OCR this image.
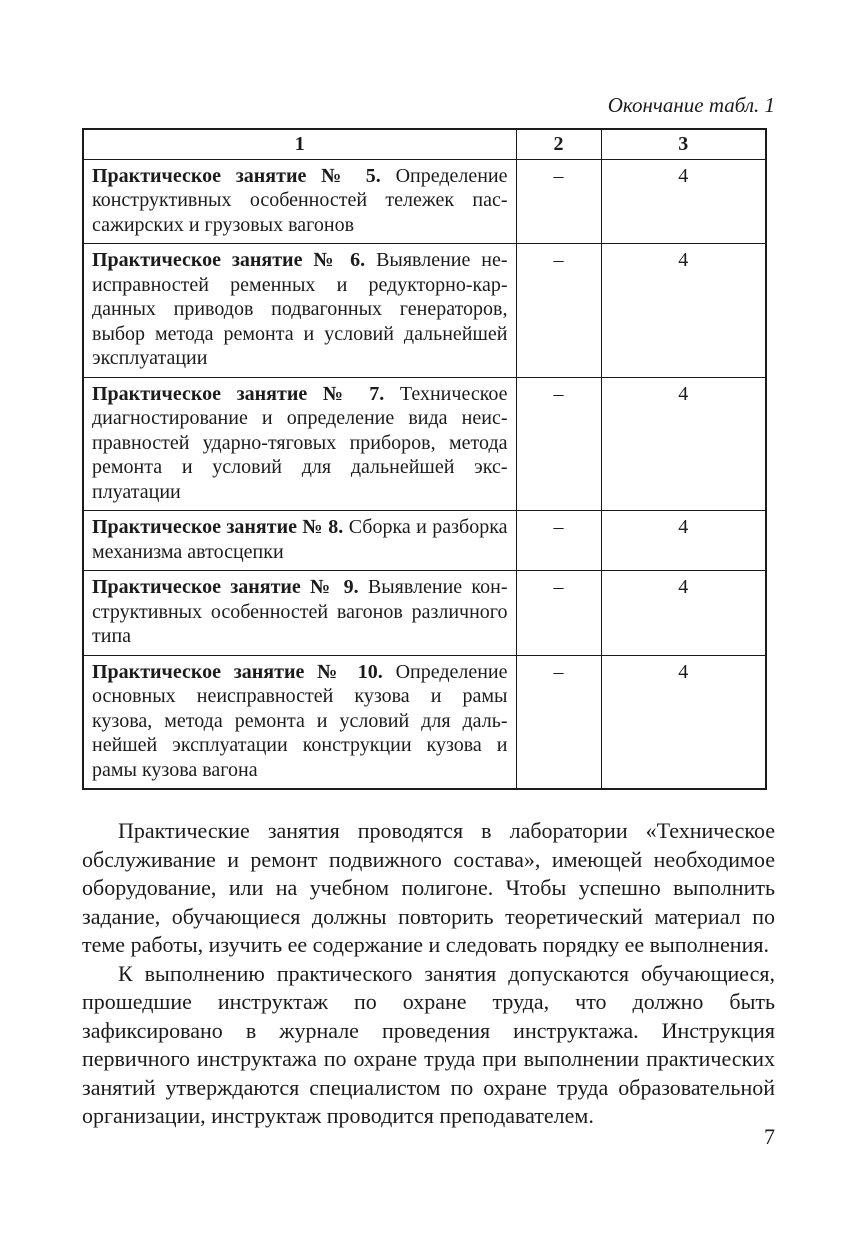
Окончание табл. 1
1	2	3
Практическое занятие № 5. Определение конструктивных особенностей тележек пассажирских и грузовых вагонов	–	4
Практическое занятие № 6. Выявление неисправностей ременных и редукторно-карданных приводов подвагонных генераторов, выбор метода ремонта и условий дальнейшей эксплуатации	–	4
Практическое занятие № 7. Техническое диагностирование и определение вида неисправностей ударно-тяговых приборов, метода ремонта и условий для дальнейшей эксплуатации	–	4
Практическое занятие № 8. Сборка и разборка механизма автосцепки	–	4
Практическое занятие № 9. Выявление конструктивных особенностей вагонов различного типа	–	4
Практическое занятие № 10. Определение основных неисправностей кузова и рамы кузова, метода ремонта и условий для дальнейшей эксплуатации конструкции кузова и рамы кузова вагона	–	4

Практические занятия проводятся в лаборатории «Техническое обслуживание и ремонт подвижного состава», имеющей необходимое оборудование, или на учебном полигоне. Чтобы успешно выполнить задание, обучающиеся должны повторить теоретический материал по теме работы, изучить ее содержание и следовать порядку ее выполнения.

К выполнению практического занятия допускаются обучающиеся, прошедшие инструктаж по охране труда, что должно быть зафиксировано в журнале проведения инструктажа. Инструкция первичного инструктажа по охране труда при выполнении практических занятий утверждаются специалистом по охране труда образовательной организации, инструктаж проводится преподавателем.

7
